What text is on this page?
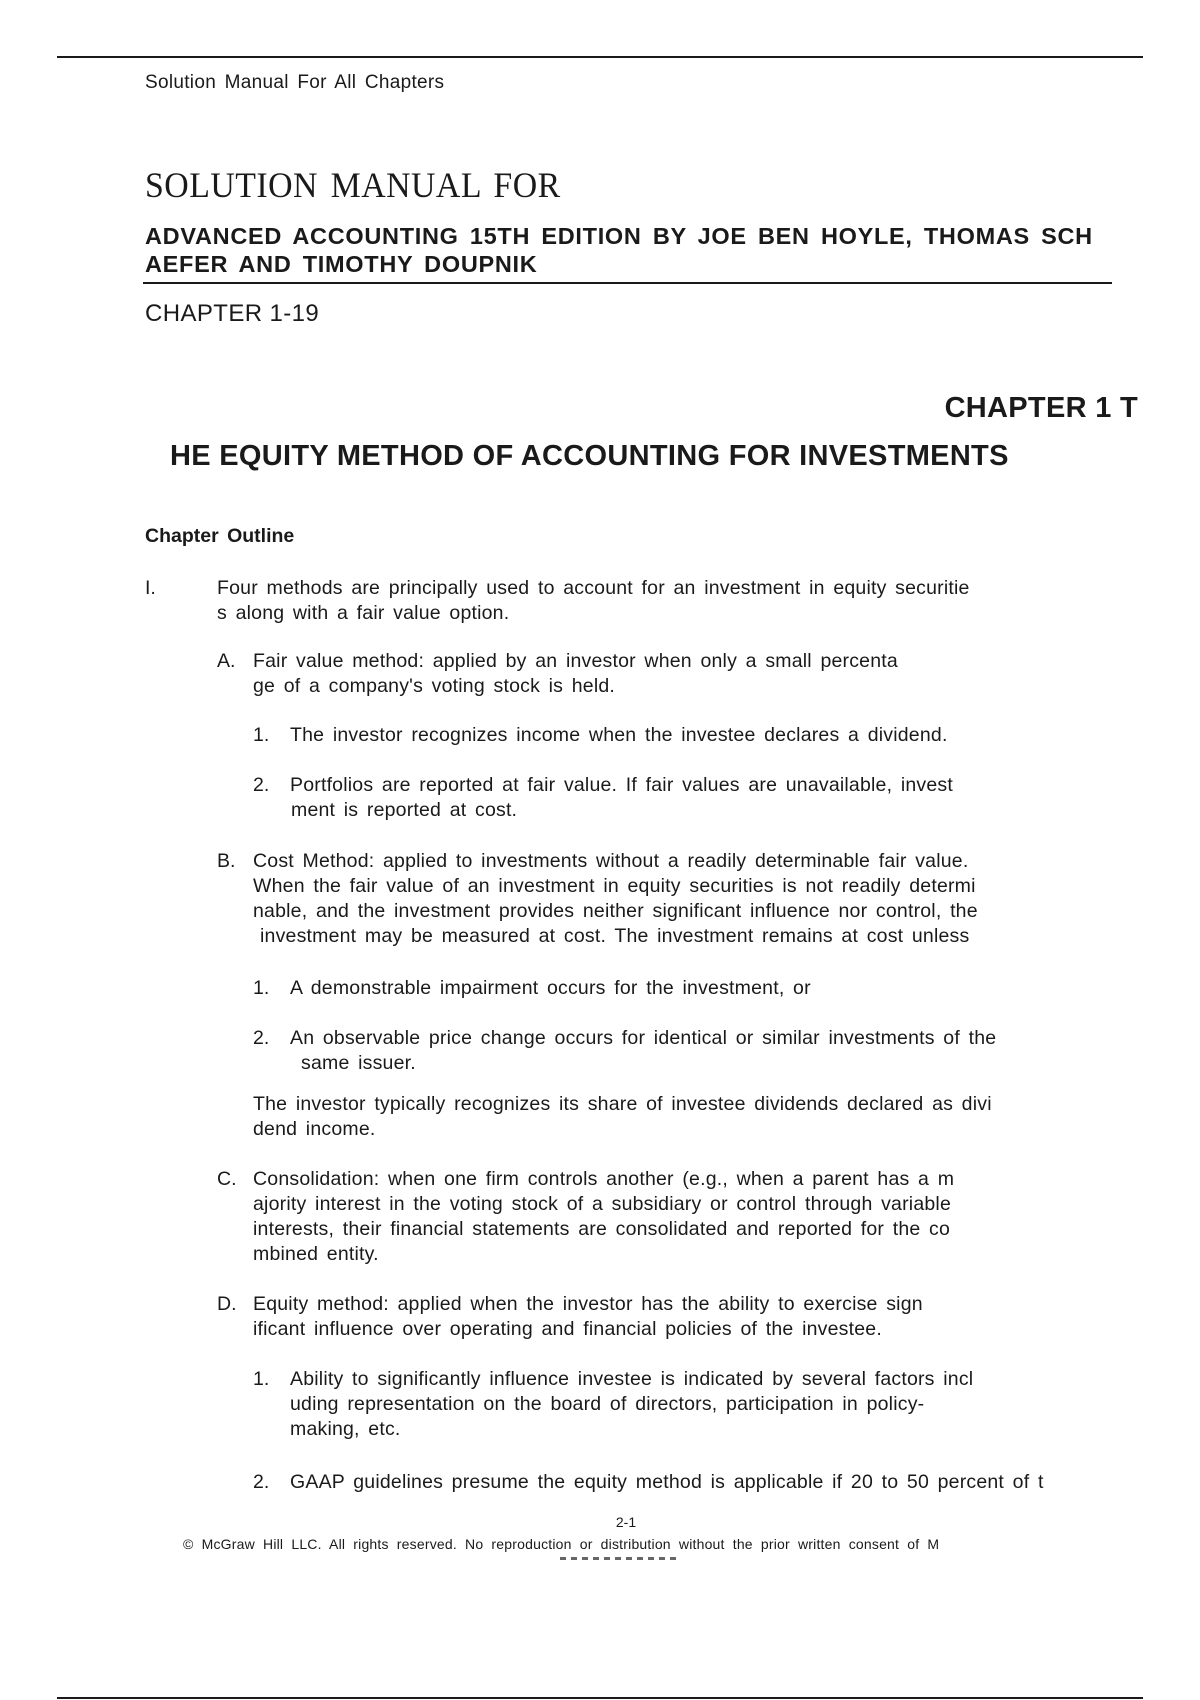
Solution Manual For All Chapters
SOLUTION MANUAL FOR
ADVANCED ACCOUNTING 15TH EDITION BY JOE BEN HOYLE, THOMAS SCH
AEFER AND TIMOTHY DOUPNIK
CHAPTER 1-19
CHAPTER 1 T
HE EQUITY METHOD OF ACCOUNTING FOR INVESTMENTS
Chapter Outline
I.	Four methods are principally used to account for an investment in equity securitie
s along with a fair value option.
A. Fair value method: applied by an investor when only a small percenta
ge of a company's voting stock is held.
1. The investor recognizes income when the investee declares a dividend.
2. Portfolios are reported at fair value. If fair values are unavailable, invest
ment is reported at cost.
B. Cost Method: applied to investments without a readily determinable fair value.
When the fair value of an investment in equity securities is not readily determi
nable, and the investment provides neither significant influence nor control, the
investment may be measured at cost. The investment remains at cost unless
1. A demonstrable impairment occurs for the investment, or
2. An observable price change occurs for identical or similar investments of the
same issuer.
The investor typically recognizes its share of investee dividends declared as divi
dend income.
C. Consolidation: when one firm controls another (e.g., when a parent has a m
ajority interest in the voting stock of a subsidiary or control through variable
interests, their financial statements are consolidated and reported for the co
mbined entity.
D. Equity method: applied when the investor has the ability to exercise sign
ificant influence over operating and financial policies of the investee.
1. Ability to significantly influence investee is indicated by several factors incl
uding representation on the board of directors, participation in policy-
making, etc.
2. GAAP guidelines presume the equity method is applicable if 20 to 50 percent of t
2-1
© McGraw Hill LLC. All rights reserved. No reproduction or distribution without the prior written consent of M
